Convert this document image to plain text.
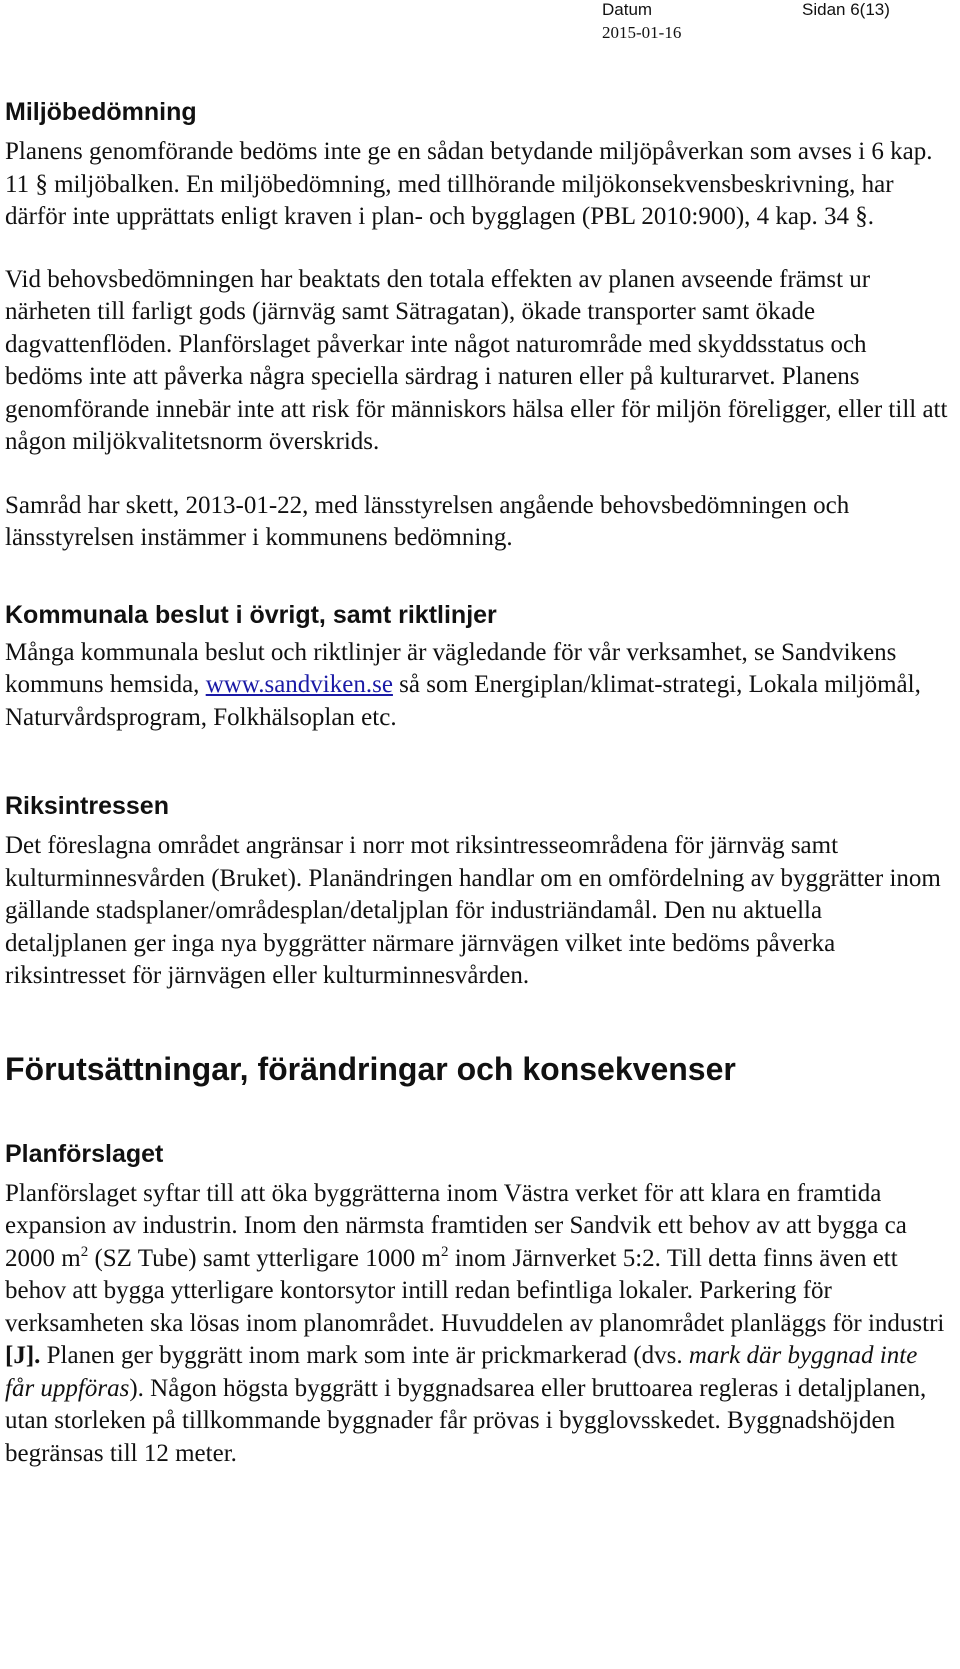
Datum	Sidan 6(13)
2015-01-16
Miljöbedömning

Planens genomförande bedöms inte ge en sådan betydande miljöpåverkan som avses i 6 kap. 11 § miljöbalken. En miljöbedömning, med tillhörande miljökonsekvensbeskrivning, har därför inte upprättats enligt kraven i plan- och bygglagen (PBL 2010:900), 4 kap. 34 §.

Vid behovsbedömningen har beaktats den totala effekten av planen avseende främst ur närheten till farligt gods (järnväg samt Sätragatan), ökade transporter samt ökade dagvattenflöden. Planförslaget påverkar inte något naturområde med skyddsstatus och bedöms inte att påverka några speciella särdrag i naturen eller på kulturarvet. Planens genomförande innebär inte att risk för människors hälsa eller för miljön föreligger, eller till att någon miljökvalitetsnorm överskrids.

Samråd har skett, 2013-01-22, med länsstyrelsen angående behovsbedömningen och länsstyrelsen instämmer i kommunens bedömning.

Kommunala beslut i övrigt, samt riktlinjer

Många kommunala beslut och riktlinjer är vägledande för vår verksamhet, se Sandvikens kommuns hemsida, www.sandviken.se så som Energiplan/klimat-strategi, Lokala miljömål, Naturvårdsprogram, Folkhälsoplan etc.

Riksintressen

Det föreslagna området angränsar i norr mot riksintresseområdena för järnväg samt kulturminnesvården (Bruket). Planändringen handlar om en omfördelning av byggrätter inom gällande stadsplaner/områdesplan/detaljplan för industriändamål. Den nu aktuella detaljplanen ger inga nya byggrätter närmare järnvägen vilket inte bedöms påverka riksintresset för järnvägen eller kulturminnesvården.

Förutsättningar, förändringar och konsekvenser
Planförslaget

Planförslaget syftar till att öka byggrätterna inom Västra verket för att klara en framtida expansion av industrin. Inom den närmsta framtiden ser Sandvik ett behov av att bygga ca 2000 $m^2$ (SZ Tube) samt ytterligare 1000 $m^2$ inom Järnverket 5:2. Till detta finns även ett behov att bygga ytterligare kontorsytor intill redan befintliga lokaler. Parkering för verksamheten ska lösas inom planområdet. Huvuddelen av planområdet planläggs för industri [J]. Planen ger byggrätt inom mark som inte är prickmarkerad (dvs. mark där byggnad inte får uppföras). Någon högsta byggrätt i byggnadsarea eller bruttoarea regleras i detaljplanen, utan storleken på tillkommande byggnader får prövas i bygglovsskedet. Byggnadshöjden begränsas till 12 meter.
